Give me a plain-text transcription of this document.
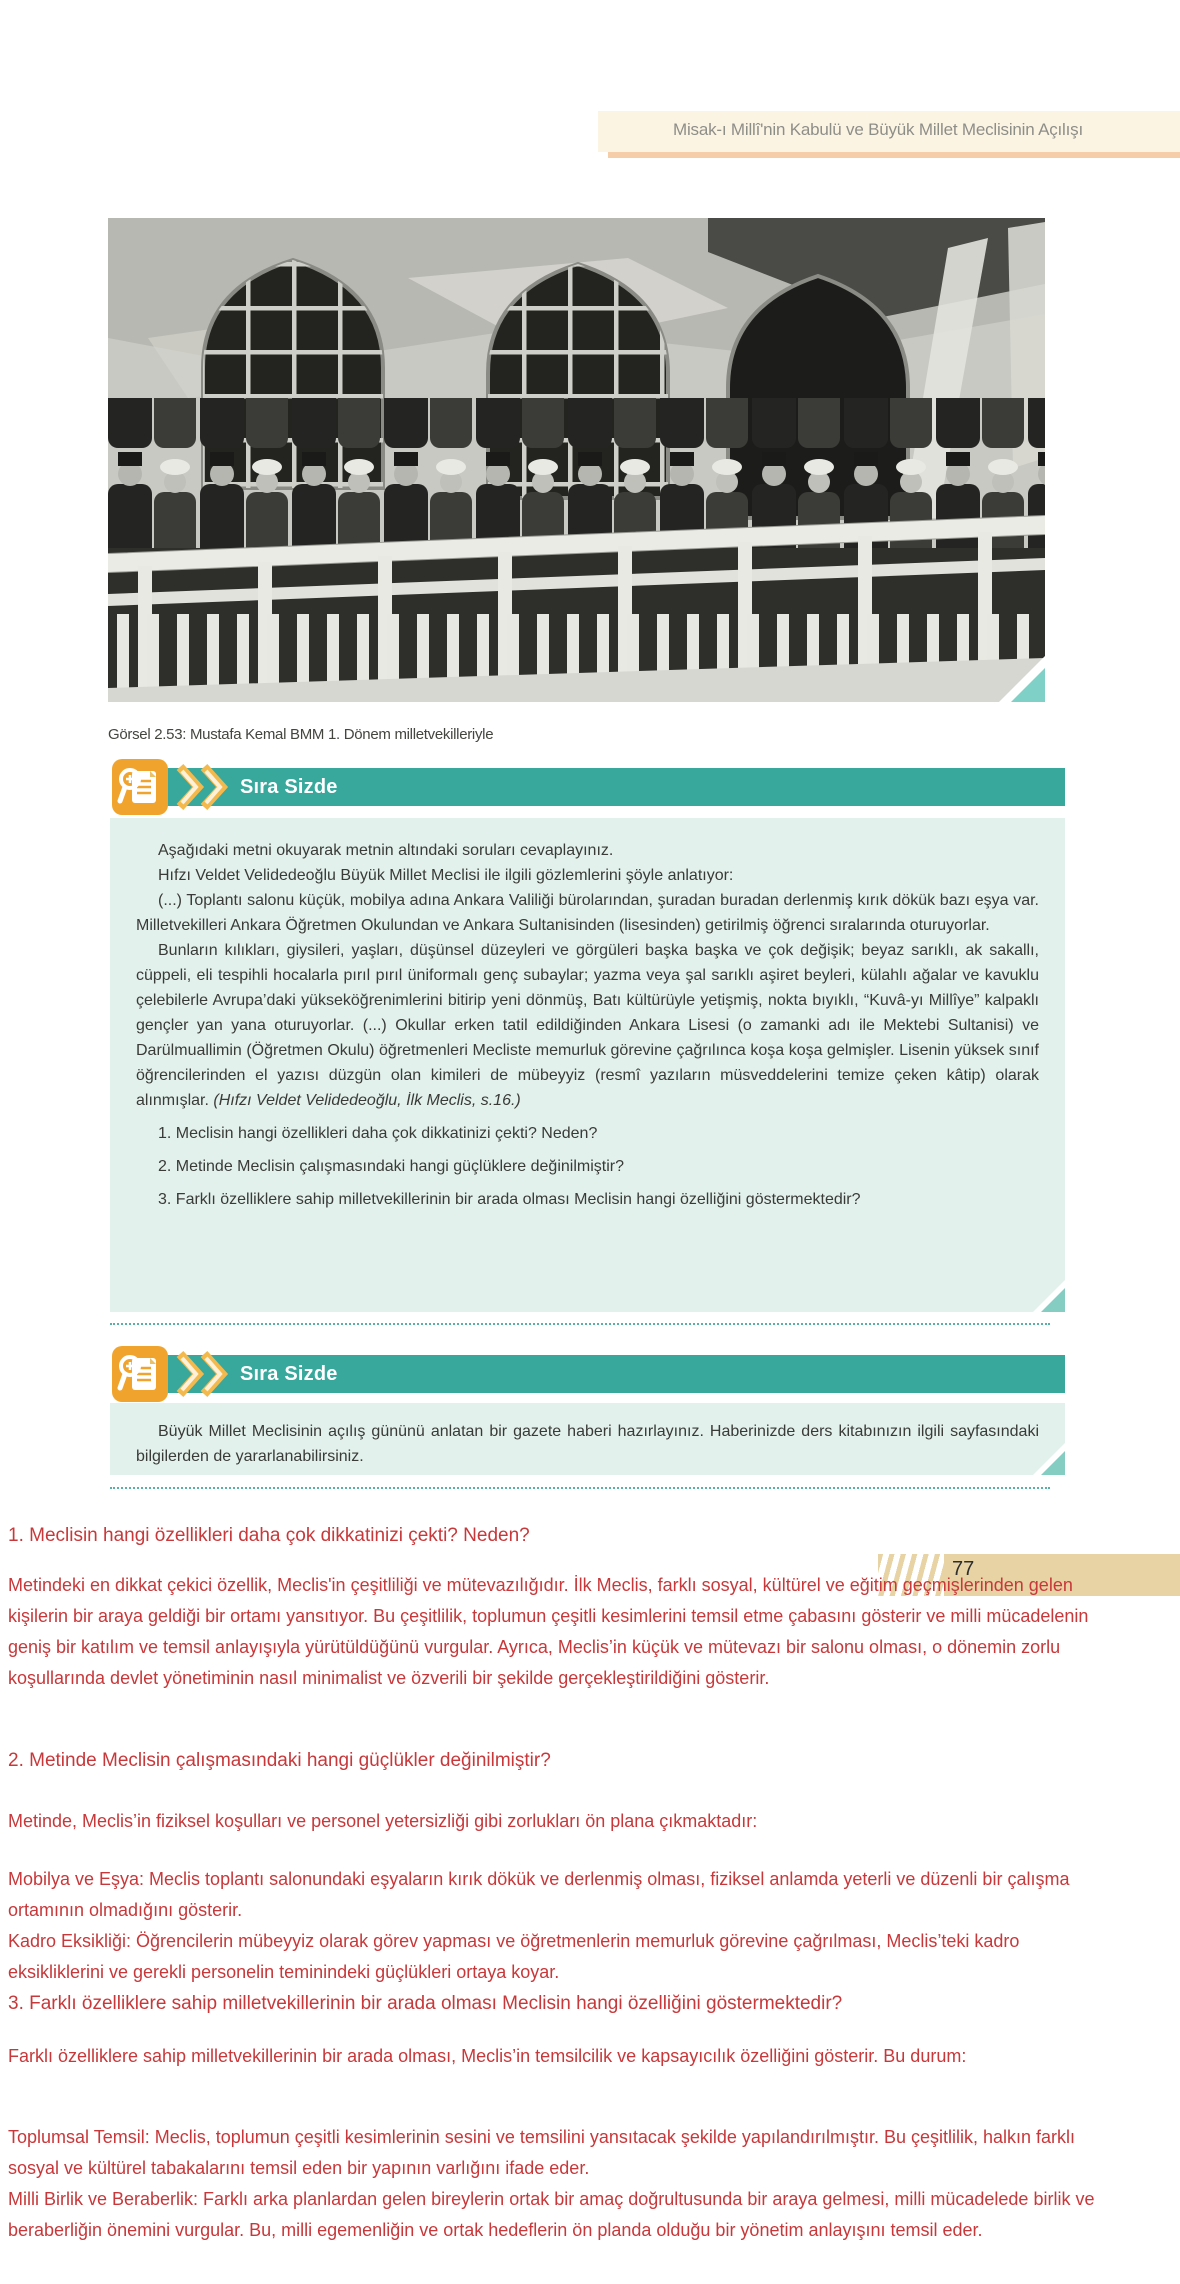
Misak-ı Millî'nin Kabulü ve Büyük Millet Meclisinin Açılışı
Görsel 2.53: Mustafa Kemal BMM 1. Dönem milletvekilleriyle
Sıra Sizde

Aşağıdaki metni okuyarak metnin altındaki soruları cevaplayınız.

Hıfzı Veldet Velidedeoğlu Büyük Millet Meclisi ile ilgili gözlemlerini şöyle anlatıyor:

(...) Toplantı salonu küçük, mobilya adına Ankara Valiliği bürolarından, şuradan buradan derlenmiş kırık dökük bazı eşya var. Milletvekilleri Ankara Öğretmen Okulundan ve Ankara Sultanisinden (lisesinden) getirilmiş öğrenci sıralarında oturuyorlar.

Bunların kılıkları, giysileri, yaşları, düşünsel düzeyleri ve görgüleri başka başka ve çok değişik; beyaz sarıklı, ak sakallı, cüppeli, eli tespihli hocalarla pırıl pırıl üniformalı genç subaylar; yazma veya şal sarıklı aşiret beyleri, külahlı ağalar ve kavuklu çelebilerle Avrupa’daki yükseköğrenimlerini bitirip yeni dönmüş, Batı kültürüyle yetişmiş, nokta bıyıklı, “Kuvâ-yı Millîye” kalpaklı gençler yan yana oturuyorlar. (...) Okullar erken tatil edildiğinden Ankara Lisesi (o zamanki adı ile Mektebi Sultanisi) ve Darülmuallimin (Öğretmen Okulu) öğretmenleri Mecliste memurluk görevine çağrılınca koşa koşa gelmişler. Lisenin yüksek sınıf öğrencilerinden el yazısı düzgün olan kimileri de mübeyyiz (resmî yazıların müsveddelerini temize çeken kâtip) olarak alınmışlar. (Hıfzı Veldet Velidedeoğlu, İlk Meclis, s.16.)

1. Meclisin hangi özellikleri daha çok dikkatinizi çekti? Neden?
2. Metinde Meclisin çalışmasındaki hangi güçlüklere değinilmiştir?
3. Farklı özelliklere sahip milletvekillerinin bir arada olması Meclisin hangi özelliğini göstermektedir?
Sıra Sizde

Büyük Millet Meclisinin açılış gününü anlatan bir gazete haberi hazırlayınız. Haberinizde ders kitabınızın ilgili sayfasındaki bilgilerden de yararlanabilirsiniz.

77
1. Meclisin hangi özellikleri daha çok dikkatinizi çekti? Neden?
Metindeki en dikkat çekici özellik, Meclis'in çeşitliliği ve mütevazılığıdır. İlk Meclis, farklı sosyal, kültürel ve eğitim geçmişlerinden gelen kişilerin bir araya geldiği bir ortamı yansıtıyor. Bu çeşitlilik, toplumun çeşitli kesimlerini temsil etme çabasını gösterir ve milli mücadelenin geniş bir katılım ve temsil anlayışıyla yürütüldüğünü vurgular. Ayrıca, Meclis’in küçük ve mütevazı bir salonu olması, o dönemin zorlu koşullarında devlet yönetiminin nasıl minimalist ve özverili bir şekilde gerçekleştirildiğini gösterir.
2. Metinde Meclisin çalışmasındaki hangi güçlükler değinilmiştir?
Metinde, Meclis’in fiziksel koşulları ve personel yetersizliği gibi zorlukları ön plana çıkmaktadır:
Mobilya ve Eşya: Meclis toplantı salonundaki eşyaların kırık dökük ve derlenmiş olması, fiziksel anlamda yeterli ve düzenli bir çalışma ortamının olmadığını gösterir.
Kadro Eksikliği: Öğrencilerin mübeyyiz olarak görev yapması ve öğretmenlerin memurluk görevine çağrılması, Meclis’teki kadro eksikliklerini ve gerekli personelin teminindeki güçlükleri ortaya koyar.
3. Farklı özelliklere sahip milletvekillerinin bir arada olması Meclisin hangi özelliğini göstermektedir?
Farklı özelliklere sahip milletvekillerinin bir arada olması, Meclis’in temsilcilik ve kapsayıcılık özelliğini gösterir. Bu durum:
Toplumsal Temsil: Meclis, toplumun çeşitli kesimlerinin sesini ve temsilini yansıtacak şekilde yapılandırılmıştır. Bu çeşitlilik, halkın farklı sosyal ve kültürel tabakalarını temsil eden bir yapının varlığını ifade eder.
Milli Birlik ve Beraberlik: Farklı arka planlardan gelen bireylerin ortak bir amaç doğrultusunda bir araya gelmesi, milli mücadelede birlik ve beraberliğin önemini vurgular. Bu, milli egemenliğin ve ortak hedeflerin ön planda olduğu bir yönetim anlayışını temsil eder.
